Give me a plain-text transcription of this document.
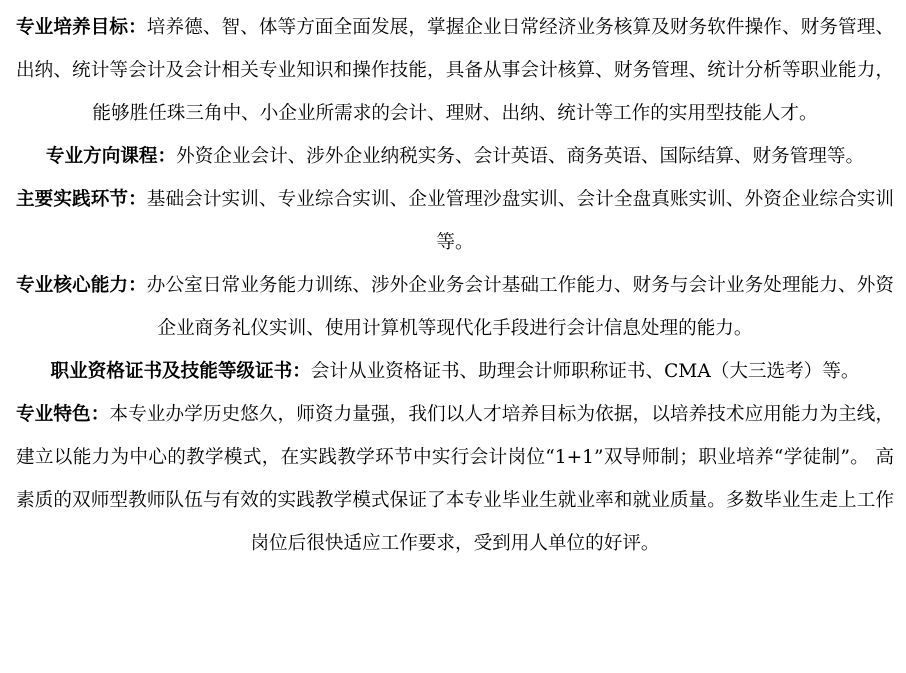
专业培养目标：培养德、智、体等方面全面发展，掌握企业日常经济业务核算及财务软件操作、财务管理、出纳、统计等会计及会计相关专业知识和操作技能，具备从事会计核算、财务管理、统计分析等职业能力，能够胜任珠三角中、小企业所需求的会计、理财、出纳、统计等工作的实用型技能人才。

专业方向课程：外资企业会计、涉外企业纳税实务、会计英语、商务英语、国际结算、财务管理等。

主要实践环节：基础会计实训、专业综合实训、企业管理沙盘实训、会计全盘真账实训、外资企业综合实训等。

专业核心能力：办公室日常业务能力训练、涉外企业务会计基础工作能力、财务与会计业务处理能力、外资企业商务礼仪实训、使用计算机等现代化手段进行会计信息处理的能力。

职业资格证书及技能等级证书：会计从业资格证书、助理会计师职称证书、CMA（大三选考）等。

专业特色：本专业办学历史悠久，师资力量强，我们以人才培养目标为依据，以培养技术应用能力为主线，建立以能力为中心的教学模式，在实践教学环节中实行会计岗位“1+1”双导师制；职业培养“学徒制”。 高素质的双师型教师队伍与有效的实践教学模式保证了本专业毕业生就业率和就业质量。多数毕业生走上工作岗位后很快适应工作要求，受到用人单位的好评。
